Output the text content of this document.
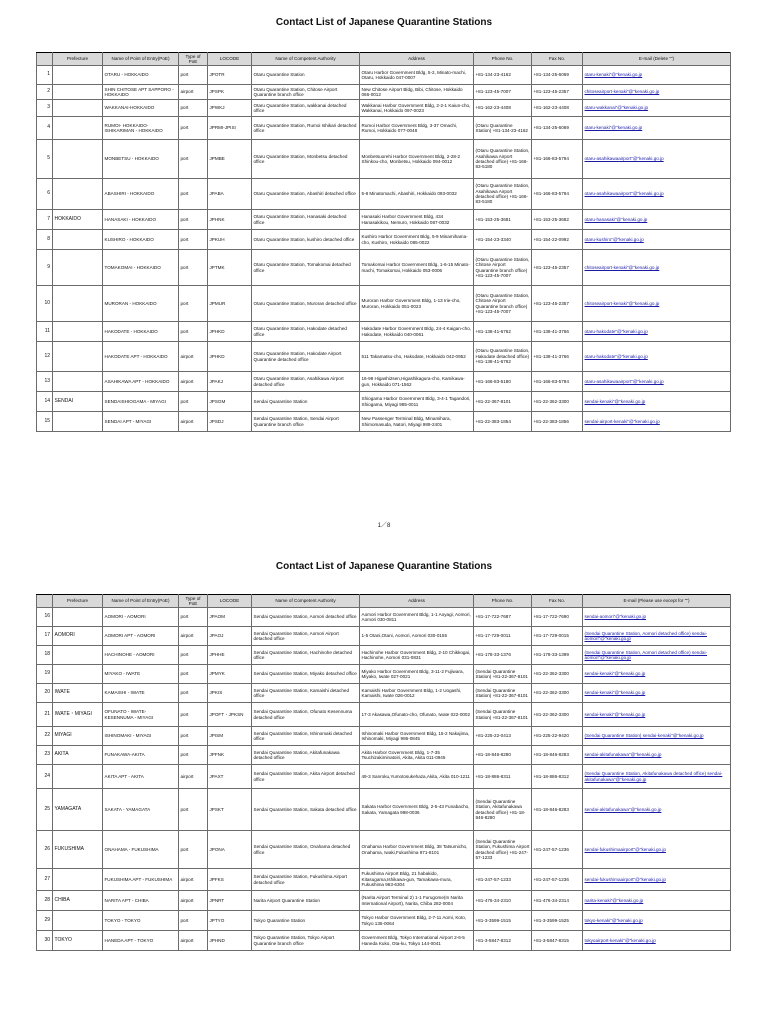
Contact List of Japanese Quarantine Stations
	Prefecture	Name of Point of Entry(PoE)	Type of PoE	LOCODE	Name of Competent Authority	Address	Phone No.	Fax No.	E-mail (Delete "")
1		OTARU - HOKKAIDO	port	JPOTR	Otaru Quarantine Station	Otaru Harbor Government Bldg, 5-2, Minato-machi, Otaru, Hokkaido 047-0007	+81-134-23-4162	+81-134-25-6069	otaru-kenaki"@"kenaki.go.jp
2		SHIN CHITOSE APT SAPPORO - HOKKAIDO	airport	JPSPK	Otaru Quarantine Station, Chitose Airport Quarantine branch office	New Chitose Airport Bldg, Bibi, Chitose, Hokkaido 066-0012	+81-123-45-7007	+81-123-45-2357	chitoseairport-kenaki"@"kenaki.go.jp
3		WAKKANAI-HOKKAIDO	port	JPWKJ	Otaru Quarantine Station, wakkanai detached office	Wakkanai Harbor Government Bldg, 2-2-1 Kaiun-cho, Wakkanai, Hokkaido 097-0023	+81-162-23-4408	+81-162-23-4408	otaru-wakkanai"@"kenaki.go.jp
4		RUMOI- HOKKAIDO- ISHIKARIMAN - HOKKAIDO	port	JPRMI-JPISI	Otaru Quarantine Station, Rumoi Ishikari detached office	Rumoi Harbor Government Bldg, 3-37 Omachi, Rumoi, Hokkaido 077-0048	(Otaru Quarantine Station) +81-134-23-4162	+81-134-25-6069	otaru-kenaki"@"kenaki.go.jp
5		MONBETSU - HOKKAIDO	port	JPMBE	Otaru Quarantine Station, Monbetsu detached office	Monbetsuorehi Harbor Government Bldg, 2-28-2 Shinkou-cho, Monbetsu, Hokkaido 094-0012	(Otaru Quarantine Station, Asahikawa Airport detached office) +81-166-83-5180	+81-166-83-5794	otaru-asahikawaairport"@"kenaki.go.jp
6		ABASHIRI - HOKKAIDO	port	JPABA	Otaru Quarantine Station, Abashiri detached office	5-8 Minatomachi, Abashiri, Hokkaido 093-0032	(Otaru Quarantine Station, Asahikawa Airport detached office) +81-166-83-5180	+81-166-83-5794	otaru-asahikawaairport"@"kenaki.go.jp
7	HOKKAIDO	HANASAKI - HOKKAIDO	port	JPHNK	Otaru Quarantine Station, Hanasaki detached office	Hanasaki Harbor Government Bldg, 434 Hanasakikou, Nemuro, Hokkaido 087-0032	+81-153-25-3681	+81-153-25-3682	otaru-hanasaki"@"kenaki.go.jp
8		KUSHIRO - HOKKAIDO	port	JPKUH	Otaru Quarantine Station, kushiro detached office	Kushiro Harbor Government Bldg, 5-9 Minamihama-cho, Kushiro, Hokkaido 085-0022	+81-154-23-3340	+81-154-22-0992	otaru-kushiro"@"kenaki.go.jp
9		TOMAKOMAI - HOKKAIDO	port	JPTMK	Otaru Quarantine Station, Tomakomai detached office	Tomakomai Harbor Government Bldg, 1-6-15 Minato-machi, Tomakomai, Hokkaido 053-0006	(Otaru Quarantine Station, Chitose Airport Quarantine branch office) +81-123-45-7007	+81-123-45-2357	chitoseairport-kenaki"@"kenaki.go.jp
10		MURORAN - HOKKAIDO	port	JPMUR	Otaru Quarantine Station, Muroran detached office	Muroran Harbor Government Bldg, 1-13 Irie-cho, Muroran, Hokkaido 051-0023	(Otaru Quarantine Station, Chitose Airport Quarantine branch office) +81-123-45-7007	+81-123-45-2357	chitoseairport-kenaki"@"kenaki.go.jp
11		HAKODATE - HOKKAIDO	port	JPHKD	Otaru Quarantine Station, Hakodate detached office	Hakodate Harbor Government Bldg, 24-4 Kaigan-cho, Hakodate, Hokkaido 040-0061	+81-138-41-6762	+81-138-41-3766	otaru-hakodate"@"kenaki.go.jp
12		HAKODATE APT - HOKKAIDO	airport	JPHKD	Otaru Quarantine Station, Hakodate Airport Quarantine detached office	511 Takamatsu-cho, Hakodate, Hokkaido 042-0952	(Otaru Quarantine Station, Hakodate detached office) +81-138-41-6762	+81-138-41-3766	otaru-hakodate"@"kenaki.go.jp
13		ASAHIKAWA APT - HOKKAIDO	airport	JPAKJ	Otaru Quarantine Station, Asahikawa Airport detached office	16-98 Higashi2sen,Higashikagura-cho, Kamikawa-gun, Hokkaido 071-1562	+81-166-83-5180	+81-166-83-5794	otaru-asahikawaairport"@"kenaki.go.jp
14	SENDAI	SENDAISHIOGAMA - MIYAGI	port	JPSGM	Sendai Quarantine Station	Shiogama Harbor Government Bldg, 3-4-1 Tagandori, Shiogama, Miyagi 985-0011	+81-22-367-8101	+81-22-362-3300	sendai-kenaki"@"kenaki.go.jp
15		SENDAI APT - MIYAGI	airport	JPSDJ	Sendai Quarantine Station, Sendai Airport Quarantine branch office	New Passenger Terminal Bldg, Minamihara, Shimomasuda, Natori, Miyagi 989-2401	+81-22-383-1854	+81-22-383-1856	sendai-airport-kenaki"@"kenaki.go.jp
1／8
Contact List of Japanese Quarantine Stations
	Prefecture	Name of Point of Entry(PoE)	Type of PoE	LOCODE	Name of Competent Authority	Address	Phone No.	Fax No.	E-mail (Please use except for "")
16		AOMORI - AOMORI	port	JPAOM	Sendai Quarantine Station, Aomori detached office	Aomori Harbor Government Bldg, 1-1 Aoyagi, Aomori, Aomori 030-0811	+81-17-722-7687	+81-17-722-7690	sendai-aomori"@"kenaki.go.jp
17	AOMORI	AOMORI APT - AOMORI	airport	JPAOJ	Sendai Quarantine Station, Aomori Airport detached office	1-5 Otani,Otani, Aomori, Aomori 030-0155	+81-17-729-0011	+81-17-729-0015	(Sendai Quarantine Station, Aomori detached office) sendai-aomori"@"kenaki.go.jp
18		HACHINOHE - AOMORI	port	JPHHE	Sendai Quarantine Station, Hachinohe detached office	Hachinohe Harbor Government Bldg, 2-10 Chikkogai, Hachinohe, Aomori 031-0831	+81-178-33-1376	+81-178-33-1399	(Sendai Quarantine Station, Aomori detached office) sendai-aomori"@"kenaki.go.jp
19		MIYAKO - IWATE	port	JPMYK	Sendai Quarantine Station, Miyako detached office	Miyako Harbor Government Bldg, 3-11-2 Fujiwara, Miyako, Iwate 027-0021	(Sendai Quarantine Station) +81-22-367-8101	+81-22-362-3300	sendai-kenaki"@"kenaki.go.jp
20	IWATE	KAMAISHI - IWATE	port	JPKIS	Sendai Quarantine Station, Kamaishi detached office	Kamaishi Harbor Government Bldg, 1-2 Uogashi, Kamaishi, Iwate 026-0012	(Sendai Quarantine Station) +81-22-367-8101	+81-22-362-3300	sendai-kenaki"@"kenaki.go.jp
21	IWATE・MIYAGI	OFUNATO - IWATE- KESENNUMA - MIYAGI	port	JPOFT・JPKSN	Sendai Quarantine Station, Ofunato Kesennuma detached office	17-3 Akasawa,Ofunato-cho, Ofunato, Iwate 022-0002	(Sendai Quarantine Station) +81-22-367-8101	+81-22-362-3300	sendai-kenaki"@"kenaki.go.jp
22	MIYAGI	ISHINOMAKI - MIYAGI	port	JPISM	Sendai Quarantine Station, Ishinomaki detached office	Ishinomaki Harbor Government Bldg, 15-2 Nakajima, Ishinomaki, Miyagi 986-0845	+81-225-22-0413	+81-225-22-9420	(Sendai Quarantine Station) sendai-kenaki"@"kenaki.go.jp
23	AKITA	FUNAKAWA-AKITA	port	JPFNK	Sendai Quarantine Station, Akitafunakawa detached office	Akita Harbor Government Bldg, 1-7-35 Tsuchizakiminatoiri, Akita, Akita 011-0945	+81-18-846-8280	+81-18-846-8283	sendai-akitafunakawa"@"kenaki.go.jp
24		AKITA APT - AKITA	airport	JPAXT	Sendai Quarantine Station, Akita Airport detached office	49-3 Sanroku,Yumotosukehaza,Akita, Akita 010-1211	+81-18-886-8311	+81-18-886-8312	(Sendai Quarantine Station, Akitafunakawa detached office) sendai-akitafunakawa"@"kenaki.go.jp
25	YAMAGATA	SAKATA - YAMAGATA	port	JPSKT	Sendai Quarantine Station, Sakata detached office	Sakata Harbor Government Bldg, 2-5-43 Funabacho, Sakata, Yamagata 998-0036	(Sendai Quarantine Station, Akitafunakawa detached office) +81-18-846-8280	+81-18-846-8283	sendai-akitafunakawa"@"kenaki.go.jp
26	FUKUSHIMA	ONAHAMA - FUKUSHIMA	port	JPONA	Sendai Quarantine Station, Onahama detached office	Onahama Harbor Government Bldg, 38 Tatsumicho, Onahama, Iwaki,Fukushima 971-8101	(Sendai Quarantine Station, Fukushima Airport detached office) +81-247-57-1233	+81-247-57-1236	sendai-fukushimaairport"@"kenaki.go.jp
27		FUKUSHIMA APT - FUKUSHIMA	airport	JPFKS	Sendai Quarantine Station, Fukushima Airport detached office	Fukushima Airport Bldg, 21 habakido, Kitasugama,Ishikawa-gun, Tamakawa-mura, Fukushima 963-6304	+81-247-57-1233	+81-247-57-1236	sendai-fukushimaairport"@"kenaki.go.jp
28	CHIBA	NARITA APT - CHIBA	airport	JPNRT	Narita Airport Quarantine Station	(Narita Airport Terminal 2) 1-1 Furugome(In Narita International Airport), Narita, Chiba 282-0004	+81-476-34-2310	+81-476-34-2314	narita-kenaki"@"kenaki.go.jp
29		TOKYO - TOKYO	port	JPTYO	Tokyo Quarantine Station	Tokyo Harbor Government Bldg, 2-7-11 Aomi, Koto, Tokyo 135-0064	+81-3-3599-1515	+81-3-3599-1525	tokyo-kenaki"@"kenaki.go.jp
30	TOKYO	HANEDA APT - TOKYO	airport	JPHND	Tokyo Quarantine Station, Tokyo Airport Quarantine branch office	Government Bldg, Tokyo International Airport 2-6-5 Haneda Kuko, Ota-ku, Tokyo 144-0041	+81-3-5847-8312	+81-3-5847-8315	tokyoairport-kenaki"@"kenaki.go.jp
